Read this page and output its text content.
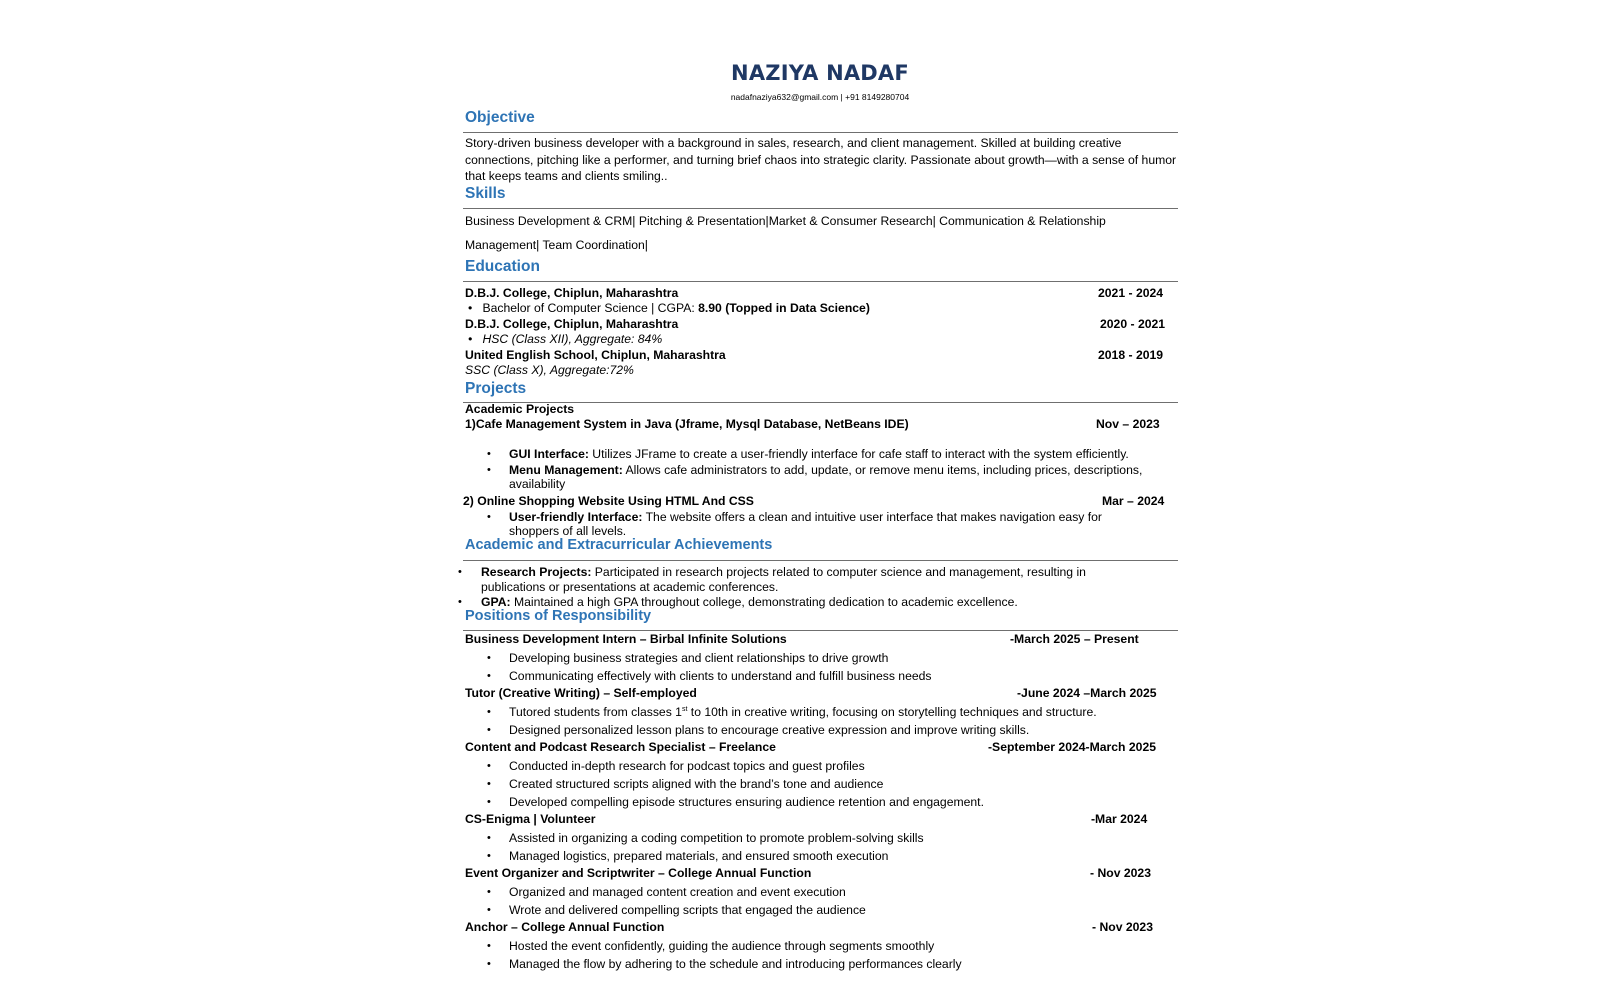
NAZIYA NADAF
nadafnaziya632@gmail.com | +91 8149280704
Objective
Story-driven business developer with a background in sales, research, and client management. Skilled at building creative connections, pitching like a performer, and turning brief chaos into strategic clarity. Passionate about growth—with a sense of humor that keeps teams and clients smiling..
Skills
Business Development & CRM| Pitching & Presentation|Market & Consumer Research| Communication & Relationship
Management| Team Coordination|
Education
D.B.J. College, Chiplun, Maharashtra	2021 - 2024
• Bachelor of Computer Science | CGPA: 8.90 (Topped in Data Science)
D.B.J. College, Chiplun, Maharashtra	2020 - 2021
• HSC (Class XII), Aggregate: 84%
United English School, Chiplun, Maharashtra	2018 - 2019
SSC (Class X), Aggregate:72%
Projects
Academic Projects
1)Cafe Management System in Java (Jframe, Mysql Database, NetBeans IDE)	Nov – 2023
• GUI Interface: Utilizes JFrame to create a user-friendly interface for cafe staff to interact with the system efficiently.
• Menu Management: Allows cafe administrators to add, update, or remove menu items, including prices, descriptions,
availability
2) Online Shopping Website Using HTML And CSS	Mar – 2024
• User-friendly Interface: The website offers a clean and intuitive user interface that makes navigation easy for
shoppers of all levels.
Academic and Extracurricular Achievements
• Research Projects: Participated in research projects related to computer science and management, resulting in
publications or presentations at academic conferences.
• GPA: Maintained a high GPA throughout college, demonstrating dedication to academic excellence.
Positions of Responsibility
Business Development Intern – Birbal Infinite Solutions	-March 2025 – Present
• Developing business strategies and client relationships to drive growth
• Communicating effectively with clients to understand and fulfill business needs
Tutor (Creative Writing) – Self-employed	-June 2024 –March 2025
• Tutored students from classes 1st to 10th in creative writing, focusing on storytelling techniques and structure.
• Designed personalized lesson plans to encourage creative expression and improve writing skills.
Content and Podcast Research Specialist – Freelance	-September 2024-March 2025
• Conducted in-depth research for podcast topics and guest profiles
• Created structured scripts aligned with the brand’s tone and audience
• Developed compelling episode structures ensuring audience retention and engagement.
CS-Enigma | Volunteer	-Mar 2024
• Assisted in organizing a coding competition to promote problem-solving skills
• Managed logistics, prepared materials, and ensured smooth execution
Event Organizer and Scriptwriter – College Annual Function	- Nov 2023
• Organized and managed content creation and event execution
• Wrote and delivered compelling scripts that engaged the audience
Anchor – College Annual Function	- Nov 2023
• Hosted the event confidently, guiding the audience through segments smoothly
• Managed the flow by adhering to the schedule and introducing performances clearly
